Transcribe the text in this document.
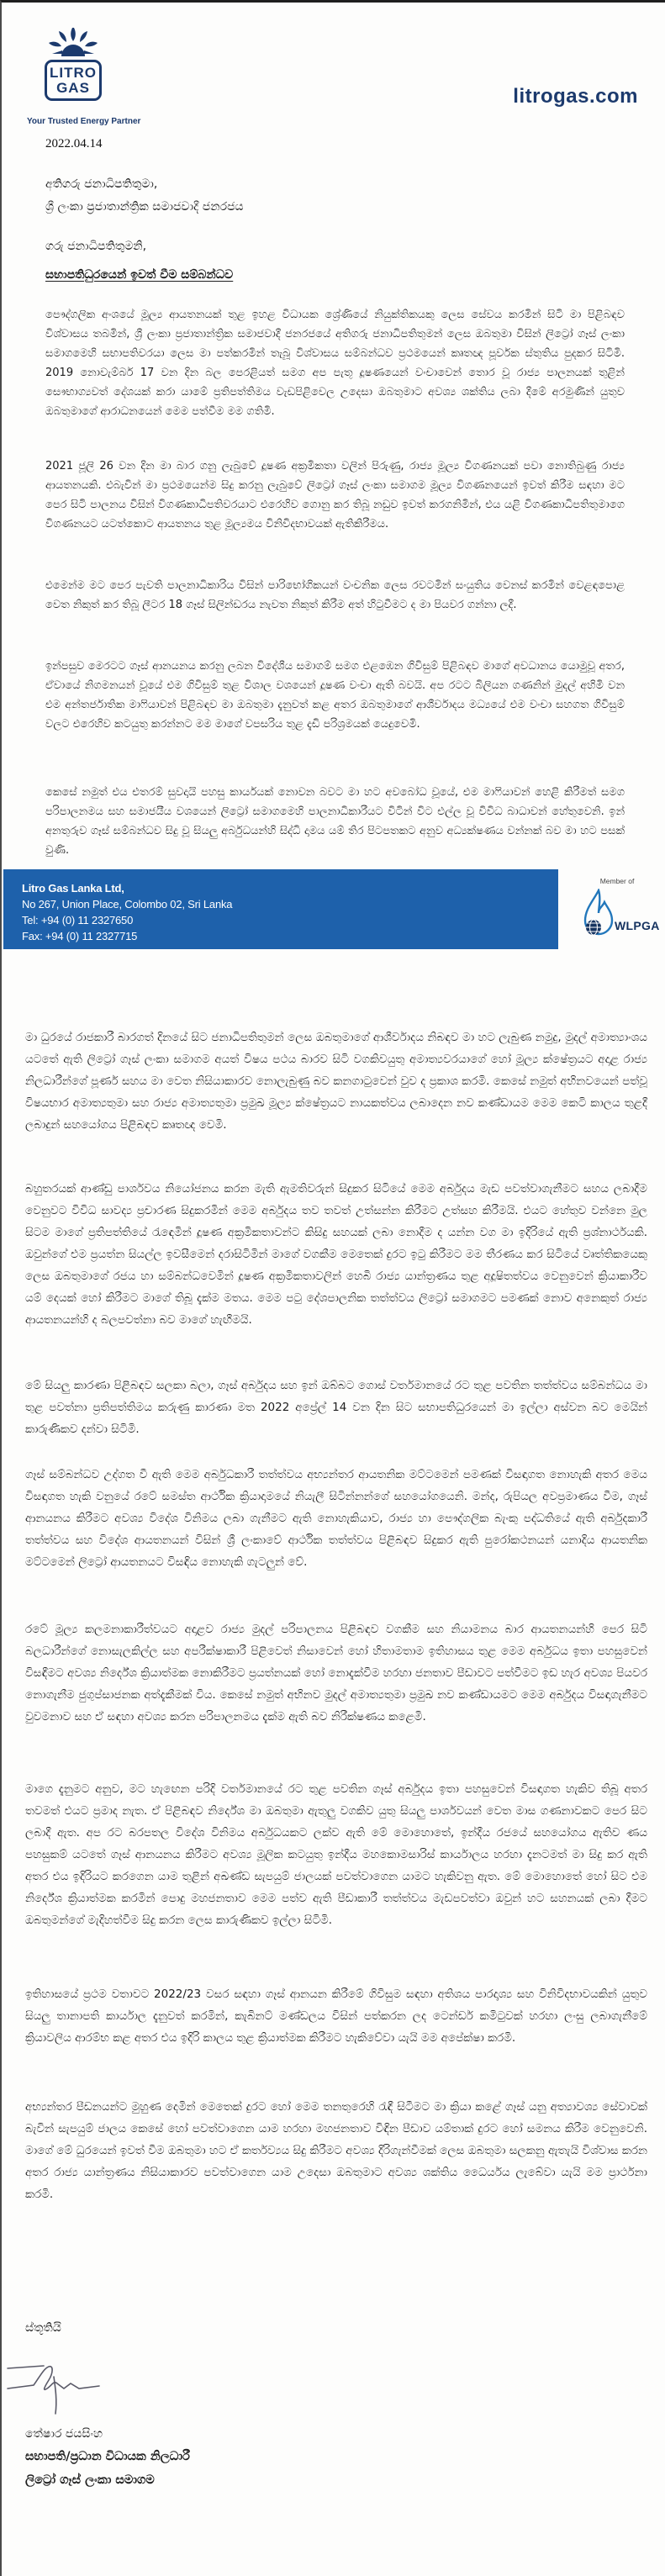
LITRO
GAS
Your Trusted Energy Partner
litrogas.com
2022.04.14
අතිගරු ජනාධිපතිතුමා,
ශ්‍රී ලංකා ප්‍රජාතාන්ත්‍රික සමාජවාදී ජනරජය
ගරු ජනාධිපතිතුමනි,
සභාපතිධුරයෙන් ඉවත් වීම සම්බන්ධව
පෞද්ගලික අංශයේ මූල්‍ය ආයතනයක් තුළ ඉහළ විධායක ශ්‍රේණියේ නියුක්තිකයකු ලෙස සේවය කරමින් සිටි මා පිළිබඳව විශ්වාසය තබමින්, ශ්‍රී ලංකා ප්‍රජාතාන්ත්‍රික සමාජවාදී ජනරජයේ අතිගරු ජනාධිපතිතුමන් ලෙස ඔබතුමා විසින් ලිට්‍රෝ ගෑස් ලංකා සමාගමෙහි සභාපතිවරයා ලෙස මා පත්කරමින් තැබූ විශ්වාසය සම්බන්ධව ප්‍රථමයෙන් කෘතඥ පූර්වක ස්තුතිය පුදකර සිටිමි. 2019 නොවැම්බර් 17 වන දින බල පෙරළියත් සමග අප පැතූ දූෂණයෙන් වංචාවෙන් තොර වූ රාජ්‍ය පාලනයක් තුළින් සෞභාග්‍යවත් දේශයක් කරා යාමේ ප්‍රතිපත්තිමය වැඩපිළිවෙල උදෙසා ඔබතුමාට අවශ්‍ය ශක්තිය ලබා දීමේ අරමුණින් යුතුව ඔබතුමාගේ ආරාධනයෙන් මෙම පත්වීම මම ගතිමි.
2021 ජූලි 26 වන දින මා බාර ගනු ලැබුවේ දූෂණ අක්‍රමිකතා වලින් පිරුණු, රාජ්‍ය මූල්‍ය විගණනයක් පවා නොතිබුණු රාජ්‍ය ආයතනයකි. එබැවින් මා ප්‍රථමයෙන්ම සිදු කරනු ලැබුවේ ලිට්‍රෝ ගෑස් ලංකා සමාගම මූල්‍ය විගණනයෙන් ඉවත් කිරීම සඳහා මට පෙර සිටි පාලනය විසින් විගණකාධිපතිවරයාට එරෙහිව ගොනු කර තිබූ නඩුව ඉවත් කරගනිමින්, එය යළි විගණකාධිපතිතුමාගෙ විගණනයට යටත්කොට ආයතනය තුළ මූල්‍යමය විනිවිදභාවයක් ඇතිකිරීමය.
එමෙන්ම මට පෙර පැවති පාලනාධිකාරිය විසින් පාරිභෝගිකයන් වංචනික ලෙස රවටමින් සංයුතිය වෙනස් කරමින් වෙළඳපොළ වෙත නිකුත් කර තිබූ ලීටර 18 ගෑස් සිලින්ඩරය නැවත නිකුත් කිරීම අත් හිටුවීමට ද මා පියවර ගන්නා ලදී.
ඉන්පසුව මෙරටට ගෑස් ආනයනය කරනු ලබන විදේශීය සමාගම් සමග එළඹෙන ගිවිසුම් පිළිබඳව මාගේ අවධානය යොමුවූ අතර, ඒවායේ නිගමනයන් වූයේ එම ගිවිසුම් තුළ විශාල වශයෙන් දූෂණ වංචා ඇති බවයි. අප රටට බිලියන ගණනින් මුදල් අහිමි වන එම අන්තර්ජාතික මාෆියාවන් පිළිබඳව මා ඔබතුමා දැනුවත් කළ අතර ඔබතුමාගේ ආශීර්වාදය මධ්‍යයේ එම වංචා සහගත ගිවිසුම් වලට එරෙහිව කටයුතු කරන්නට මම මාගේ වපසරිය තුළ දැඩි පරිශ්‍රමයක් යෙදුවෙමි.
කෙසේ නමුත් එය එතරම් සුවදායි පහසු කාර්යයක් නොවන බවට මා හට අවබෝධ වූයේ, එම මාෆියාවන් හෙළි කිරීමත් සමග පරිපාලනමය සහ සමාජයීය වශයෙන් ලිට්‍රෝ සමාගමෙහි පාලනාධිකාරීයට විටින් විට එල්ල වූ විවිධ බාධාවන් හේතුවෙනි. ඉන් අනතුරුව ගෑස් සම්බන්ධව සිදු වූ සියලු අර්බුධයන්හි සිද්ධි දාමය යම් තිර පිටපතකට අනුව අධ්‍යක්ෂණය වන්නක් බව මා හට පසක් වුණි.
Litro Gas Lanka Ltd,
No 267, Union Place, Colombo 02, Sri Lanka
Tel: +94 (0) 11 2327650
Fax: +94 (0) 11 2327715
Member of
WLPGA
මා ධුරයේ රාජකාරී බාරගත් දිනයේ සිට ජනාධිපතිතුමන් ලෙස ඔබතුමාගේ ආශීර්වාදය නිබඳව මා හට ලැබුණ නමුදු, මුදල් අමාත්‍යාංශය යටතේ ඇති ලිට්‍රෝ ගෑස් ලංකා සමාගම අයත් විෂය පථය බාරව සිටි වගකිවයුතු අමාත්‍යවරයාගේ හෝ මූල්‍ය ක්ෂේත්‍රයට අදාළ රාජ්‍ය නිලධාරීන්ගේ පූර්ණ සහය මා වෙත නිසියාකාරව නොලැබුණු බව කනගාටුවෙන් වුව ද ප්‍රකාශ කරමි. කෙසේ නමුත් අභිනවයෙන් පත්වූ විෂයභාර අමාත්‍යතුමා සහ රාජ්‍ය අමාත්‍යතුමා ප්‍රමුඛ මූල්‍ය ක්ෂේත්‍රයට නායකත්වය ලබාදෙන නව කණ්ඩායම මෙම කෙටි කාලය තුළදී ලබාදුන් සහයෝගය පිළිබඳව කෘතඥ වෙමි.
බහුතරයක් ආණ්ඩු පාර්ශවය නියෝජනය කරන මැති ඇමතිවරුන් සිදුකර සිටියේ මෙම අර්බුදය මැඩ පවත්වාගැනීමට සහය ලබාදීම වෙනුවට විවිධ සාවද්‍ය ප්‍රචාරණ සිදුකරමින් මෙම අර්බුදය තව තවත් උත්සන්න කිරීමට උත්සහ කිරීමයි. එයට හේතුව වන්නෙ මුල සිටම මාගේ ප්‍රතිපත්තියේ රැඳෙමින් දූෂණ අක්‍රමිකතාවන්ට කිසිදු සහයක් ලබා නොදීම ද යන්න වග මා ඉදිරියේ ඇති ප්‍රශ්නාර්ථයකි. ඔවුන්ගේ එම ප්‍රයත්න සියල්ල ඉවසීමෙන් දරාසිටිමින් මාගේ වගකීම මෙතෙක් දුරට ඉටු කිරීමට මම තීරණය කර සිටියේ වෘත්තිකයෙකු ලෙස ඔබතුමාගේ රජය හා සම්බන්ධවෙමින් දූෂණ අක්‍රමිකතාවලින් හෙබි රාජ්‍ය යාන්ත්‍රණය තුළ අදූෂිතත්වය වෙනුවෙන් ක්‍රියාකාරීව යම් දෙයක් හෝ කිරීමට මාගේ තිබූ දැක්ම මතය. මෙම පටු දේශපාලනික තත්ත්වය ලිට්‍රෝ සමාගමට පමණක් නොව අනෙකුත් රාජ්‍ය ආයතනයන්හි ද බලපවත්නා බව මාගේ හැඟීමයි.
මේ සියලු කාරණා පිළිබඳව සලකා බලා, ගෑස් අර්බුදය සහ ඉන් ඔබ්බට ගොස් වර්තමානයේ රට තුළ පවතින තත්ත්වය සම්බන්ධය මා තුළ පවත්නා ප්‍රතිපත්තිමය කරුණු කාරණා මත 2022 අප්‍රේල් 14 වන දින සිට සභාපතිධුරයෙන් මා ඉල්ලා අස්වන බව මෙයින් කාරුණිකව දන්වා සිටිමි.
ගෑස් සම්බන්ධව උද්ගත වී ඇති මෙම අර්බුධකාරී තත්ත්වය අභ්‍යන්තර ආයතනික මට්ටමෙන් පමණක් විසඳාගත නොහැකි අතර මෙය විසඳාගත හැකි වනුයේ රටේ සමස්ත ආර්ථික ක්‍රියාදාමයේ නියැලී සිටින්නන්ගේ සහයෝගයෙනි. මන්ද, රුපියල අවප්‍රමාණය වීම, ගෑස් ආනයනය කිරීමට අවශ්‍ය විදේශ විනිමය ලබා ගැනීමට ඇති නොහැකියාව, රාජ්‍ය හා පෞද්ගලික බැංකු පද්ධතියේ ඇති අර්බුදකාරී තත්ත්වය සහ විදේශ ආයතනයන් විසින් ශ්‍රී ලංකාවේ ආර්ථික තත්ත්වය පිළිබඳව සිදුකර ඇති පුරෝකථනයන් යනාදිය ආයතනික මට්ටමෙන් ලිට්‍රෝ ආයතනයට විසඳිය නොහැකි ගැටලුන් වේ.
රටේ මූල්‍ය කලමනාකාරීත්වයට අදාළව රාජ්‍ය මුදල් පරිපාලනය පිළිබඳව වගකීම සහ නියාමනය බාර ආයතනයන්හි පෙර සිටි බලධාරීන්ගේ නොසැලකිල්ල සහ අපරීක්ෂාකාරී පිළිවෙත් නිසාවෙන් හෝ හිතාමතාම ඉතිහාසය තුළ මෙම අර්බුධය ඉතා පහසුවෙන් විසඳීමට අවශ්‍ය නිර්දේශ ක්‍රියාත්මක නොකිරීමට ප්‍රයත්නයක් හෝ නොදැක්වීම හරහා ජනතාව පීඩාවට පත්වීමට ඉඩ හැර අවශ්‍ය පියවර නොගැනීම ජුගුප්සාජනක අත්දැකීමක් විය. කෙසේ නමුත් අභිනව මුදල් අමාත්‍යතුමා ප්‍රමුඛ නව කණ්ඩායමට මෙම අර්බුදය විසඳාගැනීමට වුවමනාව සහ ඒ සඳහා අවශ්‍ය කරන පරිපාලනමය දැක්ම ඇති බව නිරීක්ෂණය කළෙමි.
මාගෙ දැනුමට අනුව, මට හැඟෙන පරිදි වර්තමානයේ රට තුළ පවතින ගෑස් අර්බුදය ඉතා පහසුවෙන් විසඳාගත හැකිව තිබූ අතර තවමත් එයට ප්‍රමාද නැත. ඒ පිළිබඳව නිර්දේශ මා ඔබතුමා ඇතුලු වගකිව යුතු සියලු පාර්ශවයන් වෙත මාස ගණනාවකට පෙර සිට ලබාදී ඇත. අප රට බරපතල විදේශ විනිමය අර්බුධයකට ලක්ව ඇති මේ මොහොතේ, ඉන්දීය රජයේ සහයෝගය ඇතිව ණය පහසුකම් යටතේ ගෑස් ආනයනය කිරීමට අවශ්‍ය මූලික කටයුතු ඉන්දීය මහකොමසාරිස් කාර්යාලය හරහා දැනටමත් මා සිදු කර ඇති අතර එය ඉදිරියට කරගෙන යාම තුළින් අඛණ්ඩ සැපයුම් ජාලයක් පවත්වාගෙන යාමට හැකිවනු ඇත. මේ මොහොතේ හෝ සිට එම නිර්දේශ ක්‍රියාත්මක කරමින් පොදු මහජනතාව මෙම පත්ව ඇති පීඩාකාරී තත්ත්වය මැඩපවත්වා ඔවුන් හට සහනයක් ලබා දීමට ඔබතුමන්ගේ මැදිහත්වීම සිදු කරන ලෙස කාරුණිකව ඉල්ලා සිටිමි.
ඉතිහාසයේ ප්‍රථම වතාවට 2022/23 වසර සඳහා ගෑස් ආනයන කිරීමේ ගිවිසුම සඳහා අතිශය පාරදෘශ්‍ය සහ විනිවිදභාවයකින් යුතුව සියලු තානාපති කාර්යාල දැනුවත් කරමින්, කැබිනට් මණ්ඩලය විසින් පත්කරන ලද ටෙන්ඩර් කමිටුවක් හරහා ලංසු ලබාගැනීමේ ක්‍රියාවලිය ආරම්භ කළ අතර එය ඉදිරි කාලය තුළ ක්‍රියාත්මක කිරීමට හැකිවේවා යැයි මම අපේක්ෂා කරමි.
අභ්‍යන්තර පීඩනයන්ට මුහුණ දෙමින් මෙතෙක් දුරට හෝ මෙම තනතුරෙහි රැඳී සිටීමට මා ක්‍රියා කළේ ගෑස් යනු අත්‍යාවශ්‍ය සේවාවක් බැවින් සැපයුම් ජාලය කෙසේ හෝ පවත්වාගෙන යාම හරහා මහජනතාව විඳින පීඩාව යම්තාක් දුරට හෝ සමනය කිරීම වෙනුවෙනි. මාගේ මේ ධුරයෙන් ඉවත් වීම ඔබතුමා හට ඒ කර්තව්‍යය සිදු කිරීමට අවශ්‍ය දිරිගැන්වීමක් ලෙස ඔබතුමා සලකනු ඇතැයි විශ්වාස කරන අතර රාජ්‍ය යාන්ත්‍රණය නිසියාකාරව පවත්වාගෙන යාම උදෙසා ඔබතුමාට අවශ්‍ය ශක්තිය ධෛර්යය ලැබේවා යැයි මම ප්‍රාර්ථනා කරමි.
ස්තූතියි
තේෂාර ජයසිංහ
සභාපති/ප්‍රධාන විධායක නිලධාරී
ලිට්‍රෝ ගෑස් ලංකා සමාගම
